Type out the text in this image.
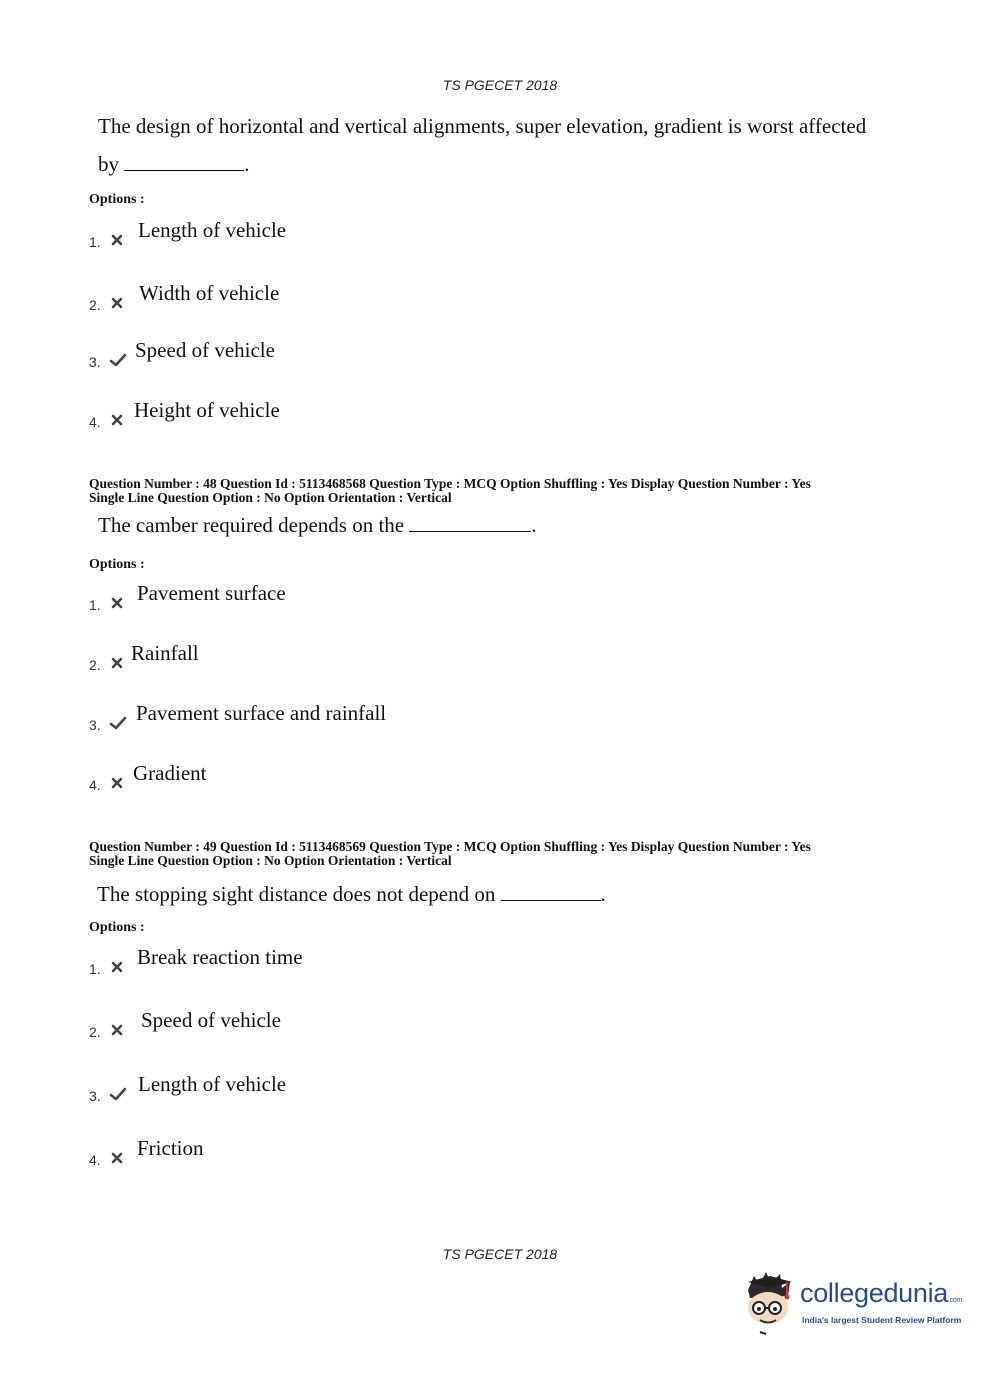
TS PGECET 2018
The design of horizontal and vertical alignments, super elevation, gradient is worst affected
by	.
Options :
1. Length of vehicle
2. Width of vehicle
3. Speed of vehicle
4. Height of vehicle
Question Number : 48 Question Id : 5113468568 Question Type : MCQ Option Shuffling : Yes Display Question Number : Yes
Single Line Question Option : No Option Orientation : Vertical
The camber required depends on the	.
Options :
1. Pavement surface
2. Rainfall
3. Pavement surface and rainfall
4. Gradient
Question Number : 49 Question Id : 5113468569 Question Type : MCQ Option Shuffling : Yes Display Question Number : Yes
Single Line Question Option : No Option Orientation : Vertical
The stopping sight distance does not depend on	.
Options :
1. Break reaction time
2. Speed of vehicle
3. Length of vehicle
4. Friction
TS PGECET 2018
collegedunia.com
India's largest Student Review Platform
